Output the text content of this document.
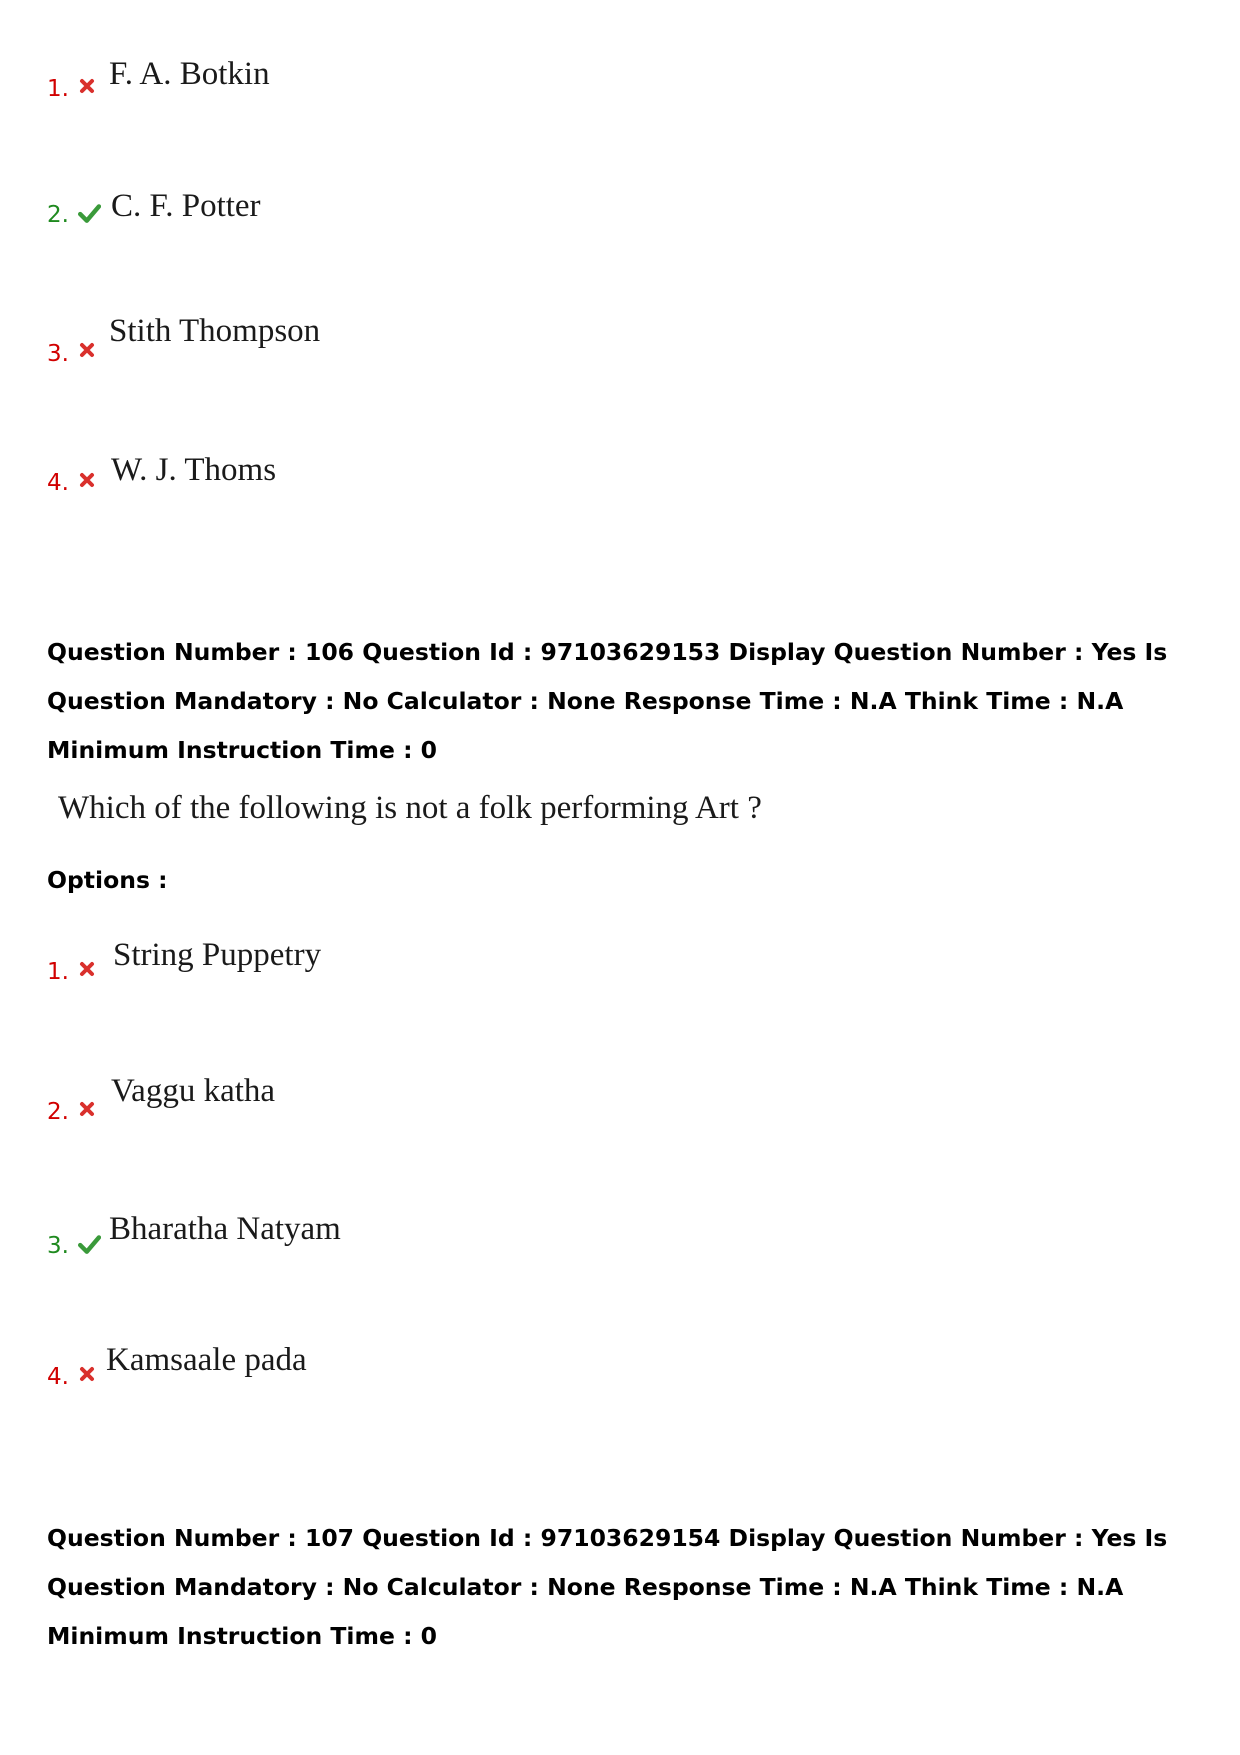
1. F. A. Botkin
2. C. F. Potter
3.
Stith Thompson
4. W. J. Thoms
Question Number : 106 Question Id : 97103629153 Display Question Number : Yes Is Question Mandatory : No Calculator : None Response Time : N.A Think Time : N.A Minimum Instruction Time : 0
Which of the following is not a folk performing Art ?
Options :
1. String Puppetry
2.
Vaggu katha
3. Bharatha Natyam
4. Kamsaale pada
Question Number : 107 Question Id : 97103629154 Display Question Number : Yes Is Question Mandatory : No Calculator : None Response Time : N.A Think Time : N.A Minimum Instruction Time : 0
